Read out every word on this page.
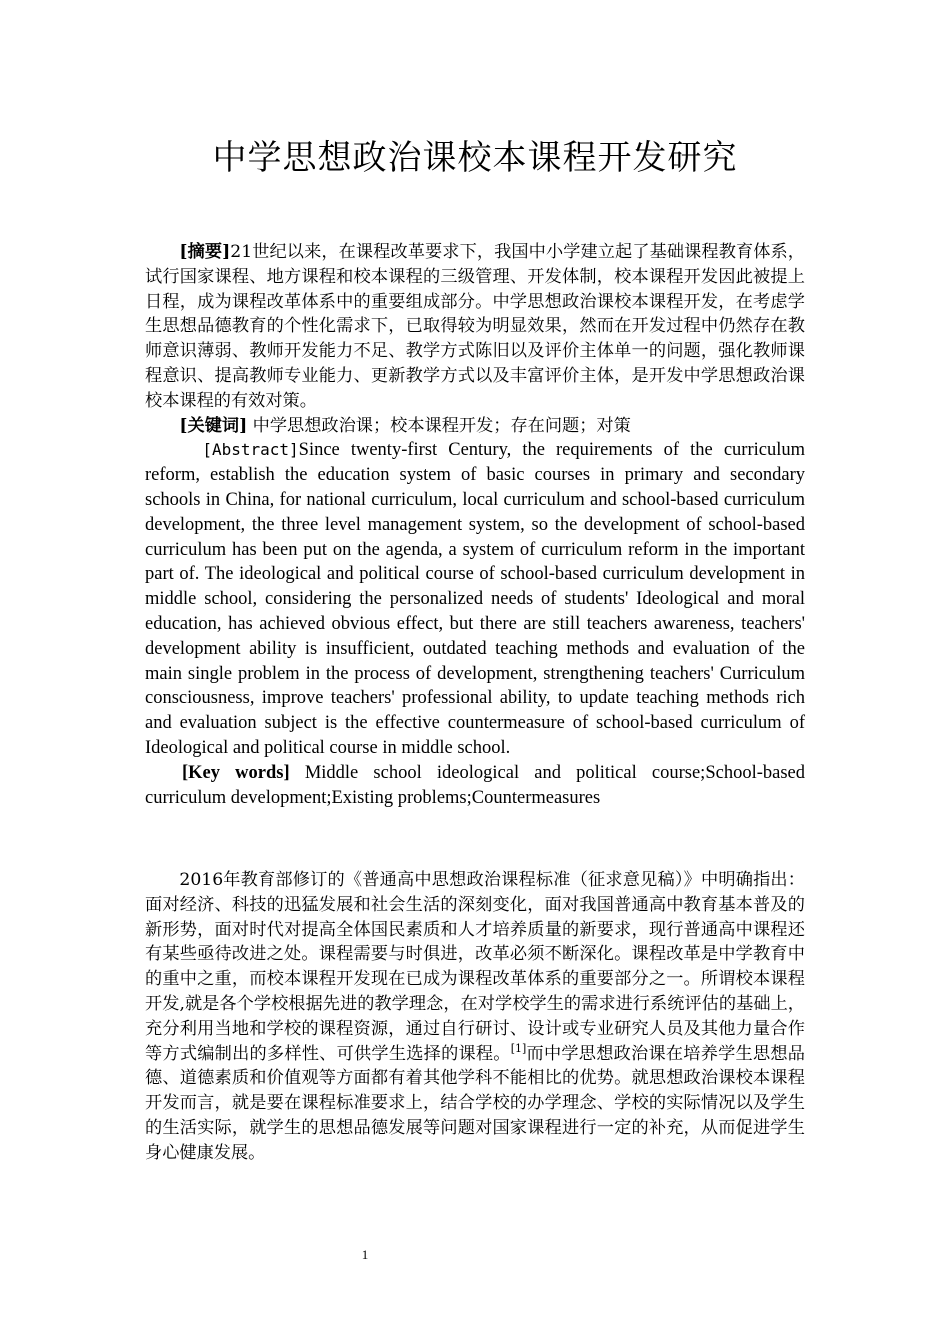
中学思想政治课校本课程开发研究

[摘要]21世纪以来，在课程改革要求下，我国中小学建立起了基础课程教育体系，试行国家课程、地方课程和校本课程的三级管理、开发体制，校本课程开发因此被提上日程，成为课程改革体系中的重要组成部分。中学思想政治课校本课程开发，在考虑学生思想品德教育的个性化需求下，已取得较为明显效果，然而在开发过程中仍然存在教师意识薄弱、教师开发能力不足、教学方式陈旧以及评价主体单一的问题，强化教师课程意识、提高教师专业能力、更新教学方式以及丰富评价主体，是开发中学思想政治课校本课程的有效对策。

[关键词] 中学思想政治课；校本课程开发；存在问题；对策

[Abstract]Since twenty-first Century, the requirements of the curriculum reform, establish the education system of basic courses in primary and secondary schools in China, for national curriculum, local curriculum and school-based curriculum development, the three level management system, so the development of school-based curriculum has been put on the agenda, a system of curriculum reform in the important part of. The ideological and political course of school-based curriculum development in middle school, considering the personalized needs of students' Ideological and moral education, has achieved obvious effect, but there are still teachers awareness, teachers' development ability is insufficient, outdated teaching methods and evaluation of the main single problem in the process of development, strengthening teachers' Curriculum consciousness, improve teachers' professional ability, to update teaching methods rich and evaluation subject is the effective countermeasure of school-based curriculum of Ideological and political course in middle school.

[Key words] Middle school ideological and political course;School-based curriculum development;Existing problems;Countermeasures

2016年教育部修订的《普通高中思想政治课程标准（征求意见稿）》中明确指出：面对经济、科技的迅猛发展和社会生活的深刻变化，面对我国普通高中教育基本普及的新形势，面对时代对提高全体国民素质和人才培养质量的新要求，现行普通高中课程还有某些亟待改进之处。课程需要与时俱进，改革必须不断深化。课程改革是中学教育中的重中之重，而校本课程开发现在已成为课程改革体系的重要部分之一。所谓校本课程开发,就是各个学校根据先进的教学理念，在对学校学生的需求进行系统评估的基础上，充分利用当地和学校的课程资源，通过自行研讨、设计或专业研究人员及其他力量合作等方式编制出的多样性、可供学生选择的课程。[1]而中学思想政治课在培养学生思想品德、道德素质和价值观等方面都有着其他学科不能相比的优势。就思想政治课校本课程开发而言，就是要在课程标准要求上，结合学校的办学理念、学校的实际情况以及学生的生活实际，就学生的思想品德发展等问题对国家课程进行一定的补充，从而促进学生身心健康发展。

1
